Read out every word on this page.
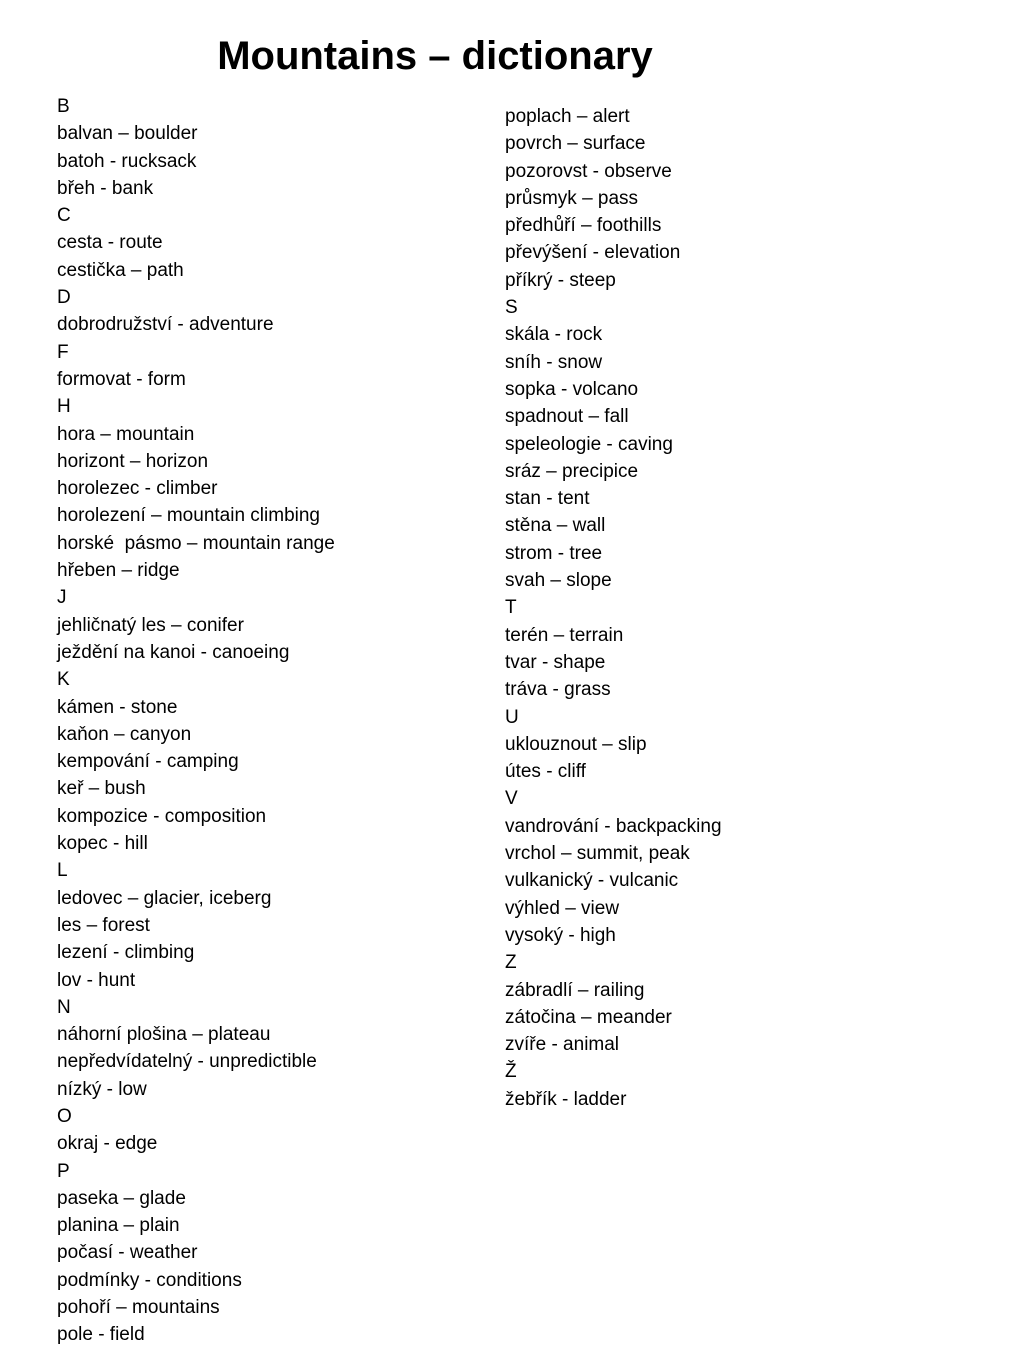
Mountains – dictionary
B
balvan – boulder
batoh - rucksack
břeh - bank
C
cesta - route
cestička – path
D
dobrodružství - adventure
F
formovat - form
H
hora – mountain
horizont – horizon
horolezec - climber
horolezení – mountain climbing
horské  pásmo – mountain range
hřeben – ridge
J
jehličnatý les – conifer
ježdění na kanoi - canoeing
K
kámen - stone
kaňon – canyon
kempování - camping
keř – bush
kompozice - composition
kopec - hill
L
ledovec – glacier, iceberg
les – forest
lezení - climbing
lov - hunt
N
náhorní plošina – plateau
nepředvídatelný - unpredictible
nízký - low
O
okraj - edge
P
paseka – glade
planina – plain
počasí - weather
podmínky - conditions
pohoří – mountains
pole - field
poplach – alert
povrch – surface
pozorovst - observe
průsmyk – pass
předhůří – foothills
převýšení - elevation
příkrý - steep
S
skála - rock
sníh - snow
sopka - volcano
spadnout – fall
speleologie - caving
sráz – precipice
stan - tent
stěna – wall
strom - tree
svah – slope
T
terén – terrain
tvar - shape
tráva - grass
U
uklouznout – slip
útes - cliff
V
vandrování - backpacking
vrchol – summit, peak
vulkanický - vulcanic
výhled – view
vysoký - high
Z
zábradlí – railing
zátočina – meander
zvíře - animal
Ž
žebřík - ladder
